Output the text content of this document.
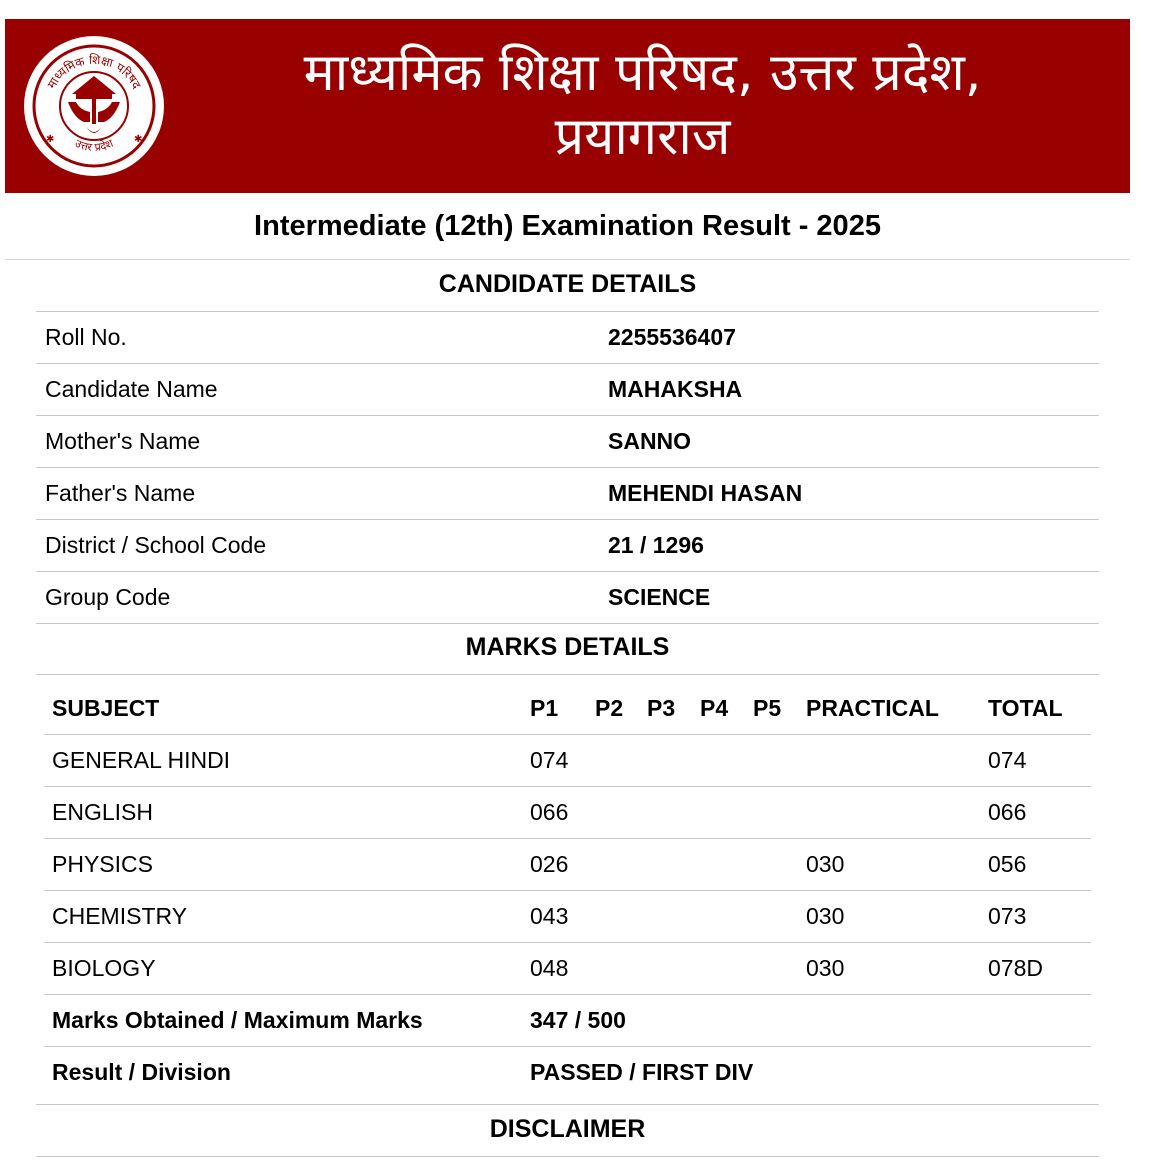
माध्यमिक शिक्षा परिषद
उत्तर प्रदेश
✱	✱
माध्यमिक शिक्षा परिषद, उत्तर प्रदेश,
प्रयागराज
Intermediate (12th) Examination Result - 2025
CANDIDATE DETAILS
Roll No.	2255536407
Candidate Name	MAHAKSHA
Mother's Name	SANNO
Father's Name	MEHENDI HASAN
District / School Code	21 / 1296
Group Code	SCIENCE
MARKS DETAILS
SUBJECT	P1	P2	P3	P4	P5	PRACTICAL	TOTAL
GENERAL HINDI	074						074
ENGLISH	066						066
PHYSICS	026					030	056
CHEMISTRY	043					030	073
BIOLOGY	048					030	078D
Marks Obtained / Maximum Marks	347 / 500						
Result / Division	PASSED / FIRST DIV						
DISCLAIMER
